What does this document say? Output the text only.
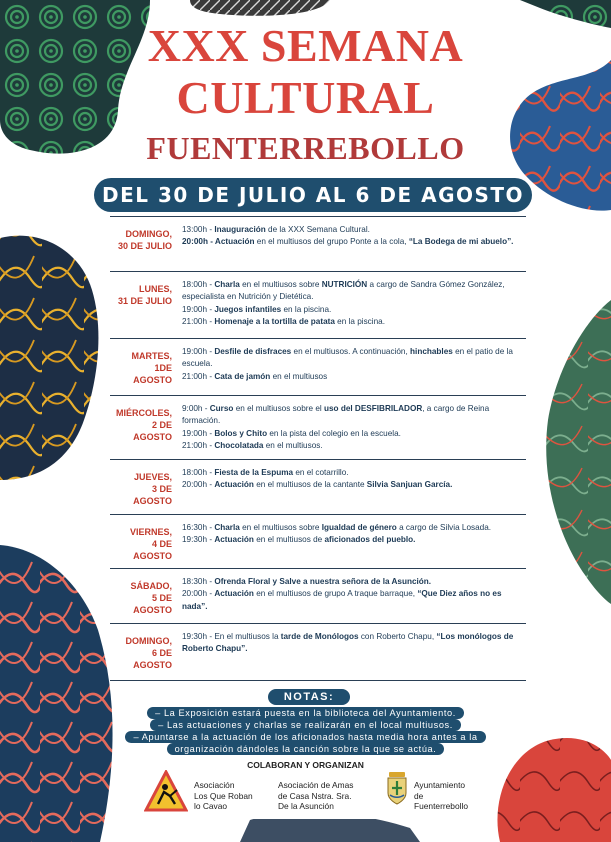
XXX SEMANA
CULTURAL
FUENTERREBOLLO
DEL 30 DE JULIO AL 6 DE AGOSTO
DOMINGO,
30 DE JULIO

13:00h - Inauguración de la XXX Semana Cultural.

20:00h - Actuación en el multiusos del grupo Ponte a la cola, “La Bodega de mi abuelo”.

LUNES,
31 DE JULIO

18:00h - Charla en el multiusos sobre NUTRICIÓN a cargo de Sandra Gómez González, especialista en Nutrición y Dietética.

19:00h - Juegos infantiles en la piscina.

21:00h - Homenaje a la tortilla de patata en la piscina.

MARTES,
1DE
AGOSTO

19:00h - Desfile de disfraces en el multiusos. A continuación, hinchables en el patio de la escuela.

21:00h - Cata de jamón en el multiusos

MIÉRCOLES,
2 DE
AGOSTO

9:00h - Curso en el multiusos sobre el uso del DESFIBRILADOR, a cargo de Reina formación.

19:00h - Bolos y Chito en la pista del colegio en la escuela.

21:00h - Chocolatada en el multiusos.

JUEVES,
3 DE
AGOSTO

18:00h - Fiesta de la Espuma en el cotarrillo.

20:00h - Actuación en el multiusos de la cantante Silvia Sanjuan García.

VIERNES,
4 DE
AGOSTO

16:30h - Charla en el multiusos sobre Igualdad de género a cargo de Silvia Losada.

19:30h - Actuación en el multiusos de aficionados del pueblo.

SÁBADO,
5 DE
AGOSTO

18:30h - Ofrenda Floral y Salve a nuestra señora de la Asunción.

20:00h - Actuación en el multiusos de grupo A traque barraque, “Que Diez años no es nada”.

DOMINGO,
6 DE
AGOSTO

19:30h - En el multiusos la tarde de Monólogos con Roberto Chapu, “Los monólogos de Roberto Chapu”.

NOTAS:
– La Exposición estará puesta en la biblioteca del Ayuntamiento.
– Las actuaciones y charlas se realizarán en el local multiusos.
– Apuntarse a la actuación de los aficionados hasta media hora antes a la
organización dándoles la canción sobre la que se actúa.
COLABORAN Y ORGANIZAN
Asociación
Los Que Roban
lo Cavao
Asociación de Amas
de Casa Nstra. Sra.
De la Asunción
Ayuntamiento
de
Fuenterrebollo
